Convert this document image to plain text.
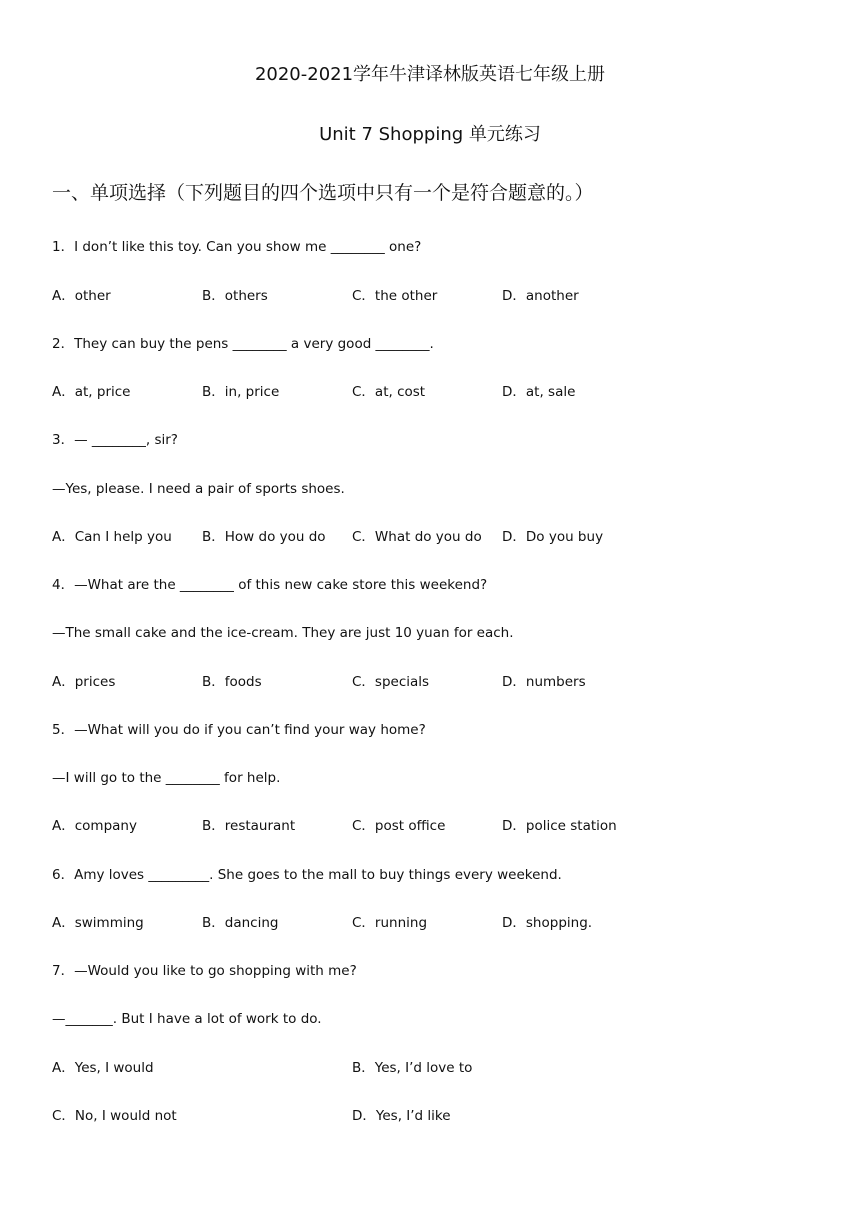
2020-2021学年牛津译林版英语七年级上册
Unit 7 Shopping 单元练习
一、单项选择（下列题目的四个选项中只有一个是符合题意的。）
1．I don’t like this toy. Can you show me ________ one?
A．other	B．others	C．the other	D．another
2．They can buy the pens ________ a very good ________.
A．at, price	B．in, price	C．at, cost	D．at, sale
3．— ________, sir?
—Yes, please. I need a pair of sports shoes.
A．Can I help you B．How do you do C．What do you do D．Do you buy
4．—What are the ________ of this new cake store this weekend?
—The small cake and the ice-cream. They are just 10 yuan for each.
A．prices	B．foods	C．specials	D．numbers
5．—What will you do if you can’t find your way home?
—I will go to the ________ for help.
A．company	B．restaurant	C．post office	D．police station
6．Amy loves _________. She goes to the mall to buy things every weekend.
A．swimming	B．dancing	C．running	D．shopping.
7．—Would you like to go shopping with me?
—_______. But I have a lot of work to do.
A．Yes, I would	B．Yes, I’d love to
C．No, I would not	D．Yes, I’d like
